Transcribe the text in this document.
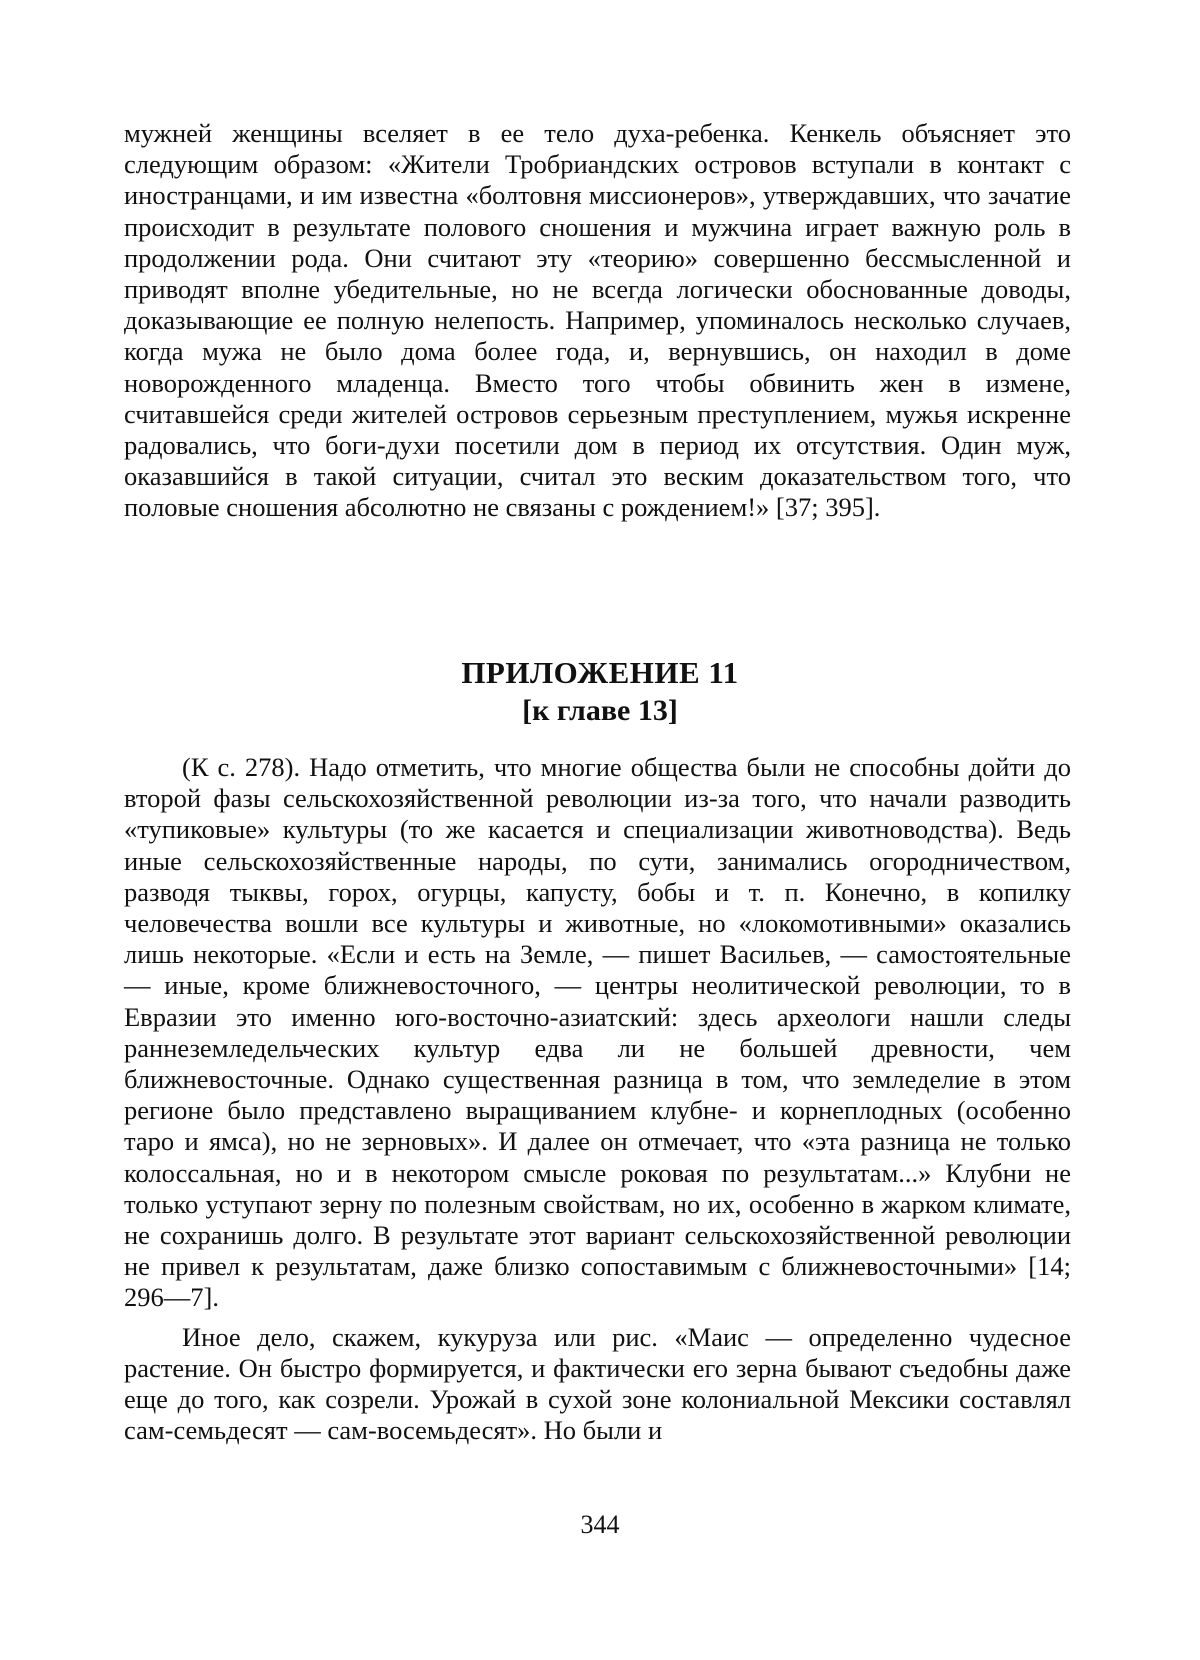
мужней женщины вселяет в ее тело духа-ребенка. Кенкель объясняет это следующим образом: «Жители Тробриандских островов вступали в контакт с иностранцами, и им известна «болтовня миссионеров», утверждавших, что зачатие происходит в результате полового сношения и мужчина играет важную роль в продолжении рода. Они считают эту «теорию» совершенно бессмысленной и приводят вполне убедительные, но не всегда логически обоснованные доводы, доказывающие ее полную нелепость. Например, упоминалось несколько случаев, когда мужа не было дома более года, и, вернувшись, он находил в доме новорожденного младенца. Вместо того чтобы обвинить жен в измене, считавшейся среди жителей островов серьезным преступлением, мужья искренне радовались, что боги-духи посетили дом в период их отсутствия. Один муж, оказавшийся в такой ситуации, считал это веским доказательством того, что половые сношения абсолютно не связаны с рождением!» [37; 395].

ПРИЛОЖЕНИЕ 11
[к главе 13]

(К с. 278). Надо отметить, что многие общества были не способны дойти до второй фазы сельскохозяйственной революции из-за того, что начали разводить «тупиковые» культуры (то же касается и специализации животноводства). Ведь иные сельскохозяйственные народы, по сути, занимались огородничеством, разводя тыквы, горох, огурцы, капусту, бобы и т. п. Конечно, в копилку человечества вошли все культуры и животные, но «локомотивными» оказались лишь некоторые. «Если и есть на Земле, — пишет Васильев, — самостоятельные — иные, кроме ближневосточного, — центры неолитической революции, то в Евразии это именно юго-восточно-азиатский: здесь археологи нашли следы раннеземледельческих культур едва ли не большей древности, чем ближневосточные. Однако существенная разница в том, что земледелие в этом регионе было представлено выращиванием клубне- и корнеплодных (особенно таро и ямса), но не зерновых». И далее он отмечает, что «эта разница не только колоссальная, но и в некотором смысле роковая по результатам...» Клубни не только уступают зерну по полезным свойствам, но их, особенно в жарком климате, не сохранишь долго. В результате этот вариант сельскохозяйственной революции не привел к результатам, даже близко сопоставимым с ближневосточными» [14; 296—7].

Иное дело, скажем, кукуруза или рис. «Маис — определенно чудесное растение. Он быстро формируется, и фактически его зерна бывают съедобны даже еще до того, как созрели. Урожай в сухой зоне колониальной Мексики составлял сам-семьдесят — сам-восемьдесят». Но были и

344
